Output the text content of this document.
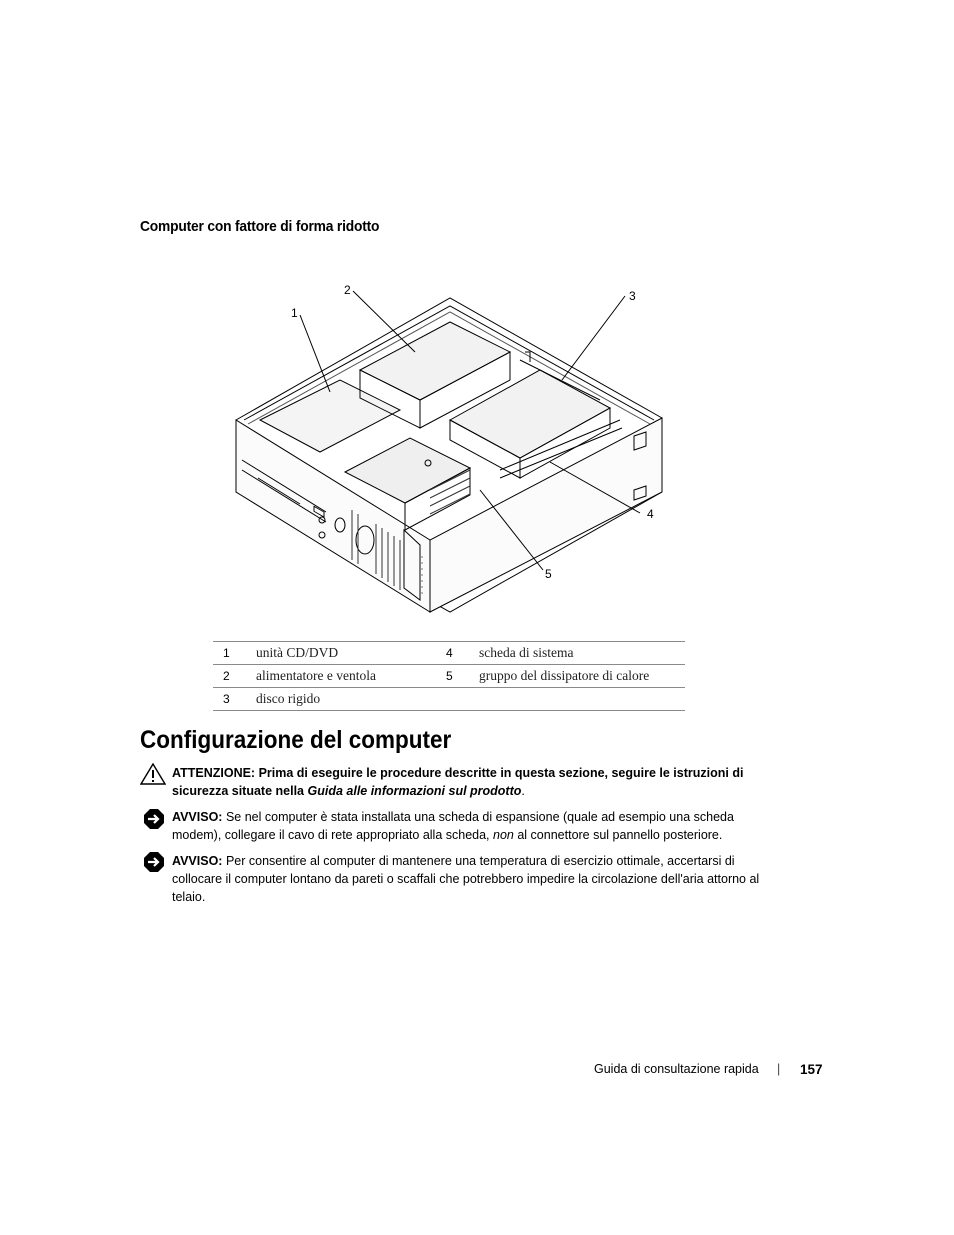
Computer con fattore di forma ridotto
1
2	3
4
5
1	unità CD/DVD	4	scheda di sistema
2	alimentatore e ventola	5	gruppo del dissipatore di calore
3	disco rigido		
Configurazione del computer
ATTENZIONE: Prima di eseguire le procedure descritte in questa sezione, seguire le istruzioni di sicurezza situate nella Guida alle informazioni sul prodotto.
AVVISO: Se nel computer è stata installata una scheda di espansione (quale ad esempio una scheda modem), collegare il cavo di rete appropriato alla scheda, non al connettore sul pannello posteriore.
AVVISO: Per consentire al computer di mantenere una temperatura di esercizio ottimale, accertarsi di collocare il computer lontano da pareti o scaffali che potrebbero impedire la circolazione dell'aria attorno al telaio.
Guida di consultazione rapida | 157
